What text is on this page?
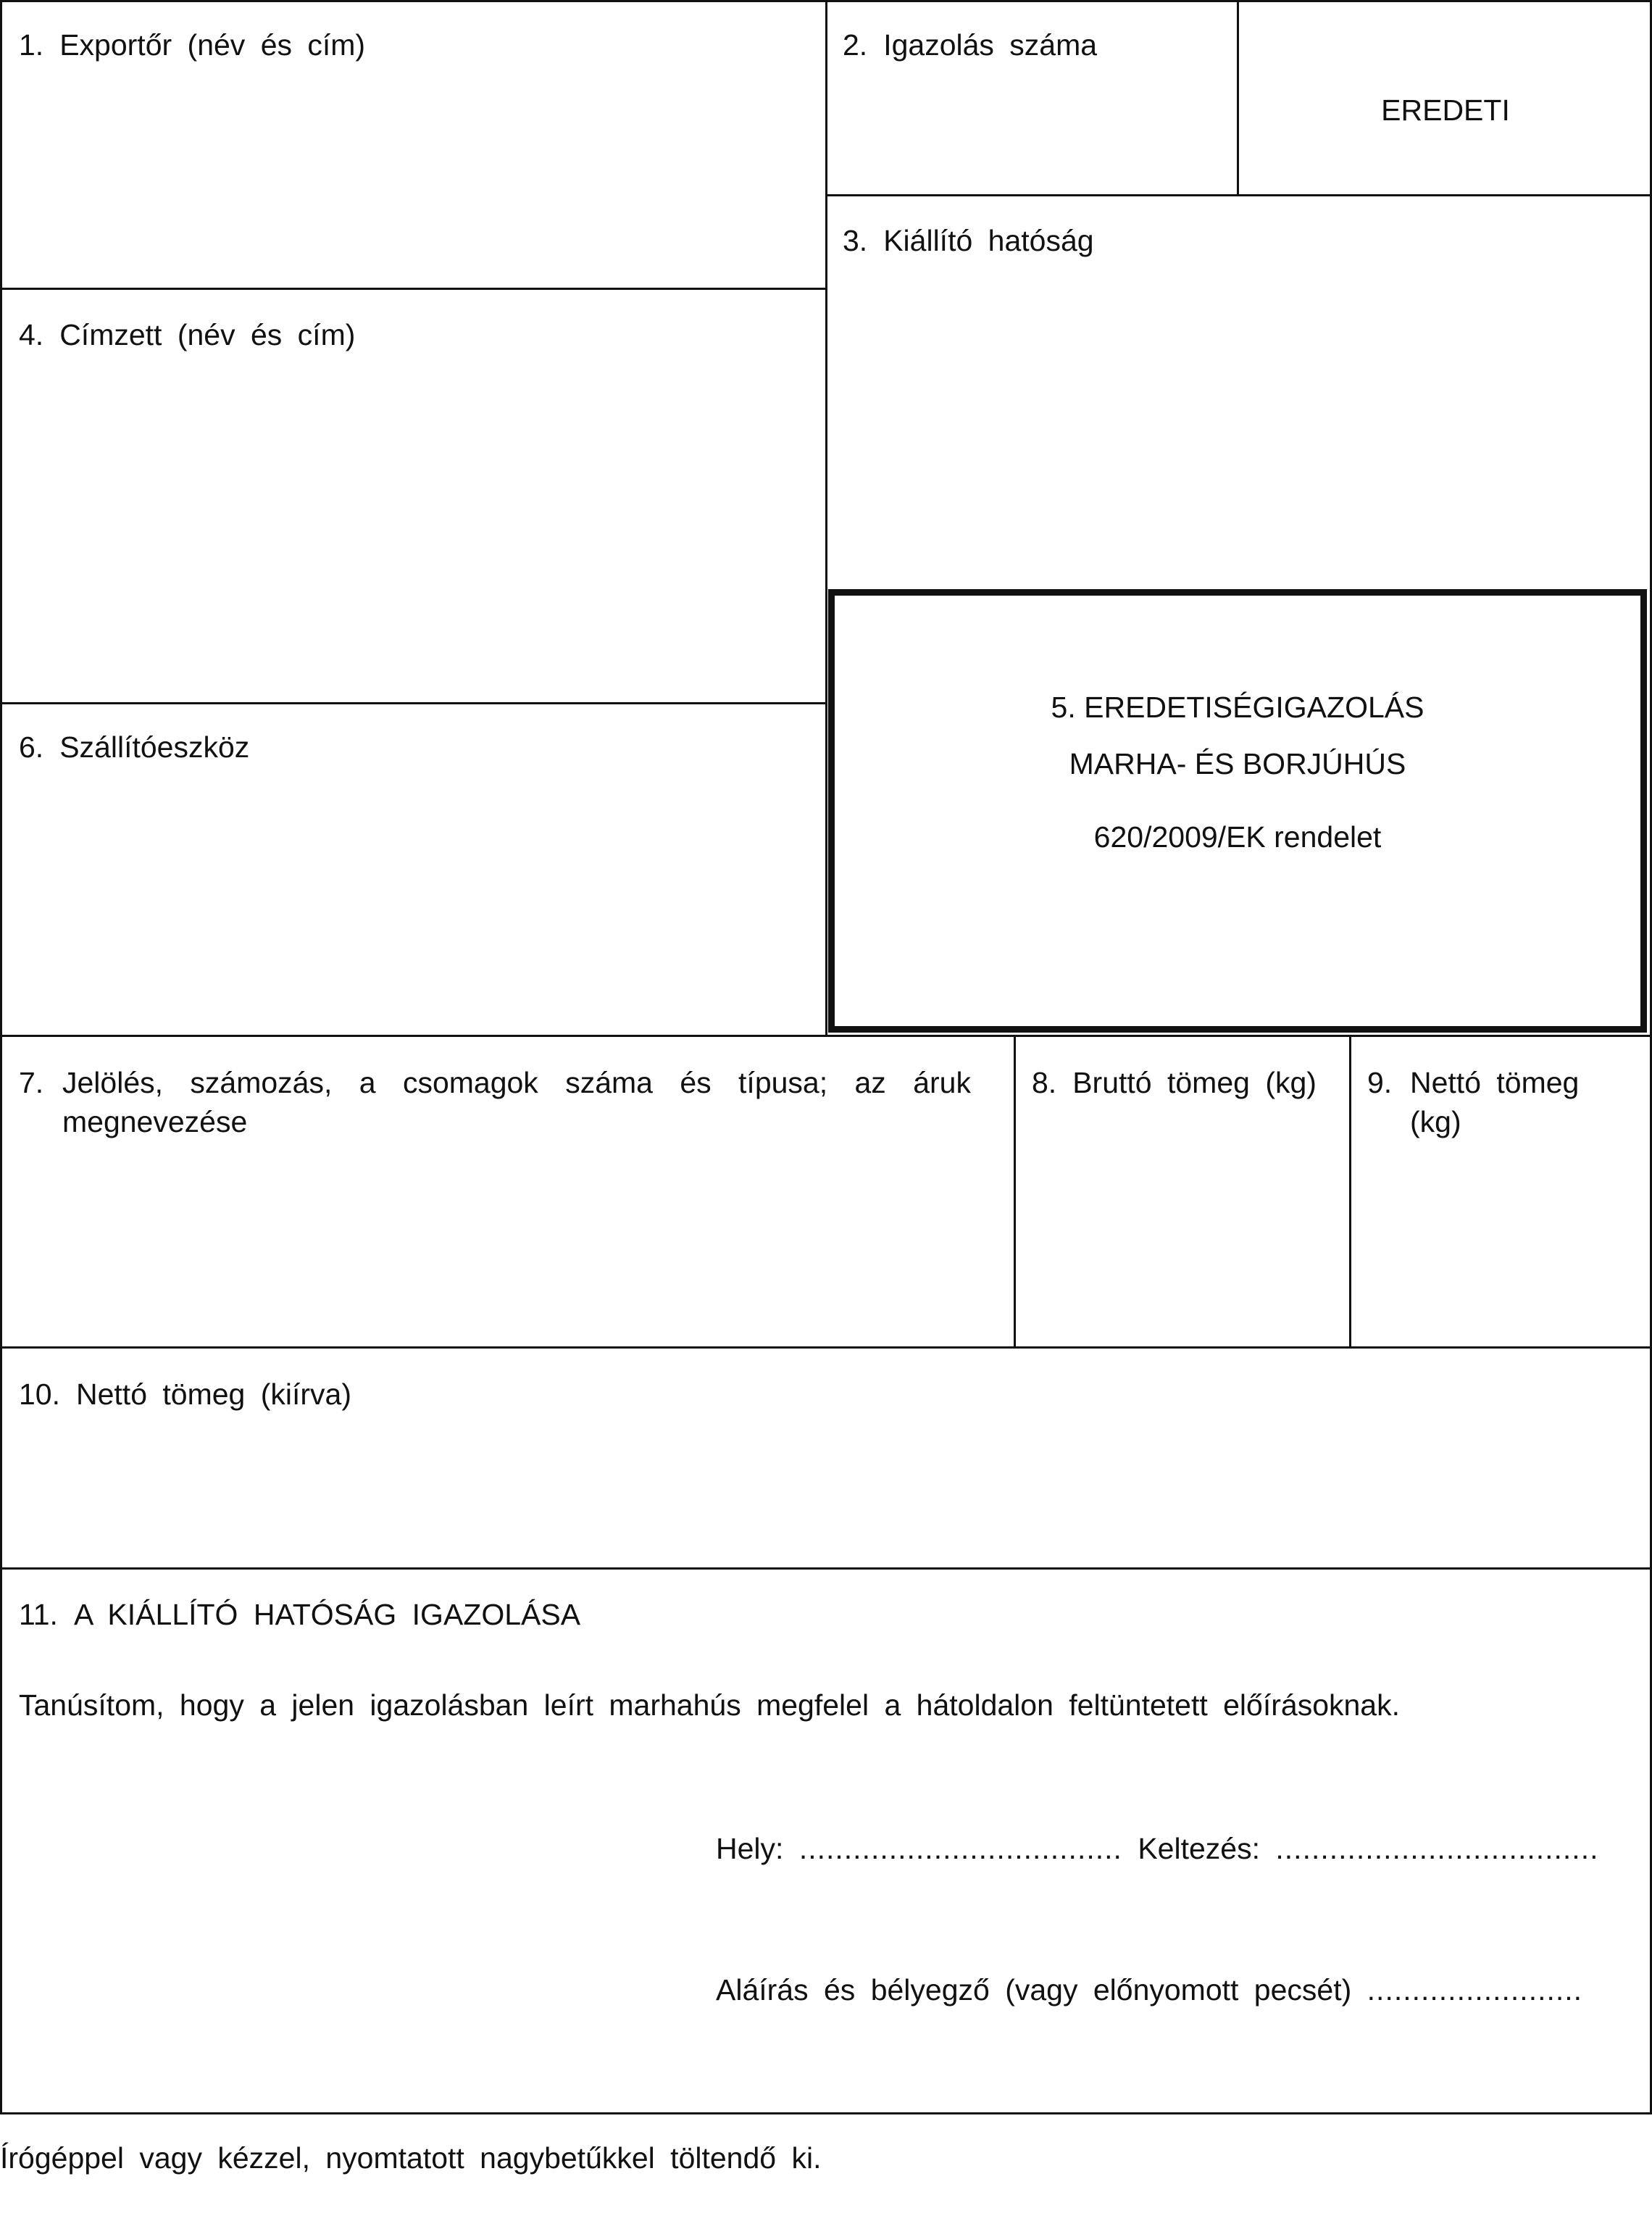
1. Exportőr (név és cím)	2. Igazolás száma
EREDETI
3. Kiállító hatóság
4. Címzett (név és cím)
5. EREDETISÉGIGAZOLÁS
MARHA- ÉS BORJÚHÚS
620/2009/EK rendelet
6. Szállítóeszköz
7. Jelölés, számozás, a csomagok száma és típusa; az áruk
megnevezése
8. Bruttó tömeg (kg) 9. Nettó tömeg
(kg)
10. Nettó tömeg (kiírva)
11. A KIÁLLÍTÓ HATÓSÁG IGAZOLÁSA
Tanúsítom, hogy a jelen igazolásban leírt marhahús megfelel a hátoldalon feltüntetett előírásoknak.
Hely: .................................... Keltezés: ....................................
Aláírás és bélyegző (vagy előnyomott pecsét) ........................
Írógéppel vagy kézzel, nyomtatott nagybetűkkel töltendő ki.
